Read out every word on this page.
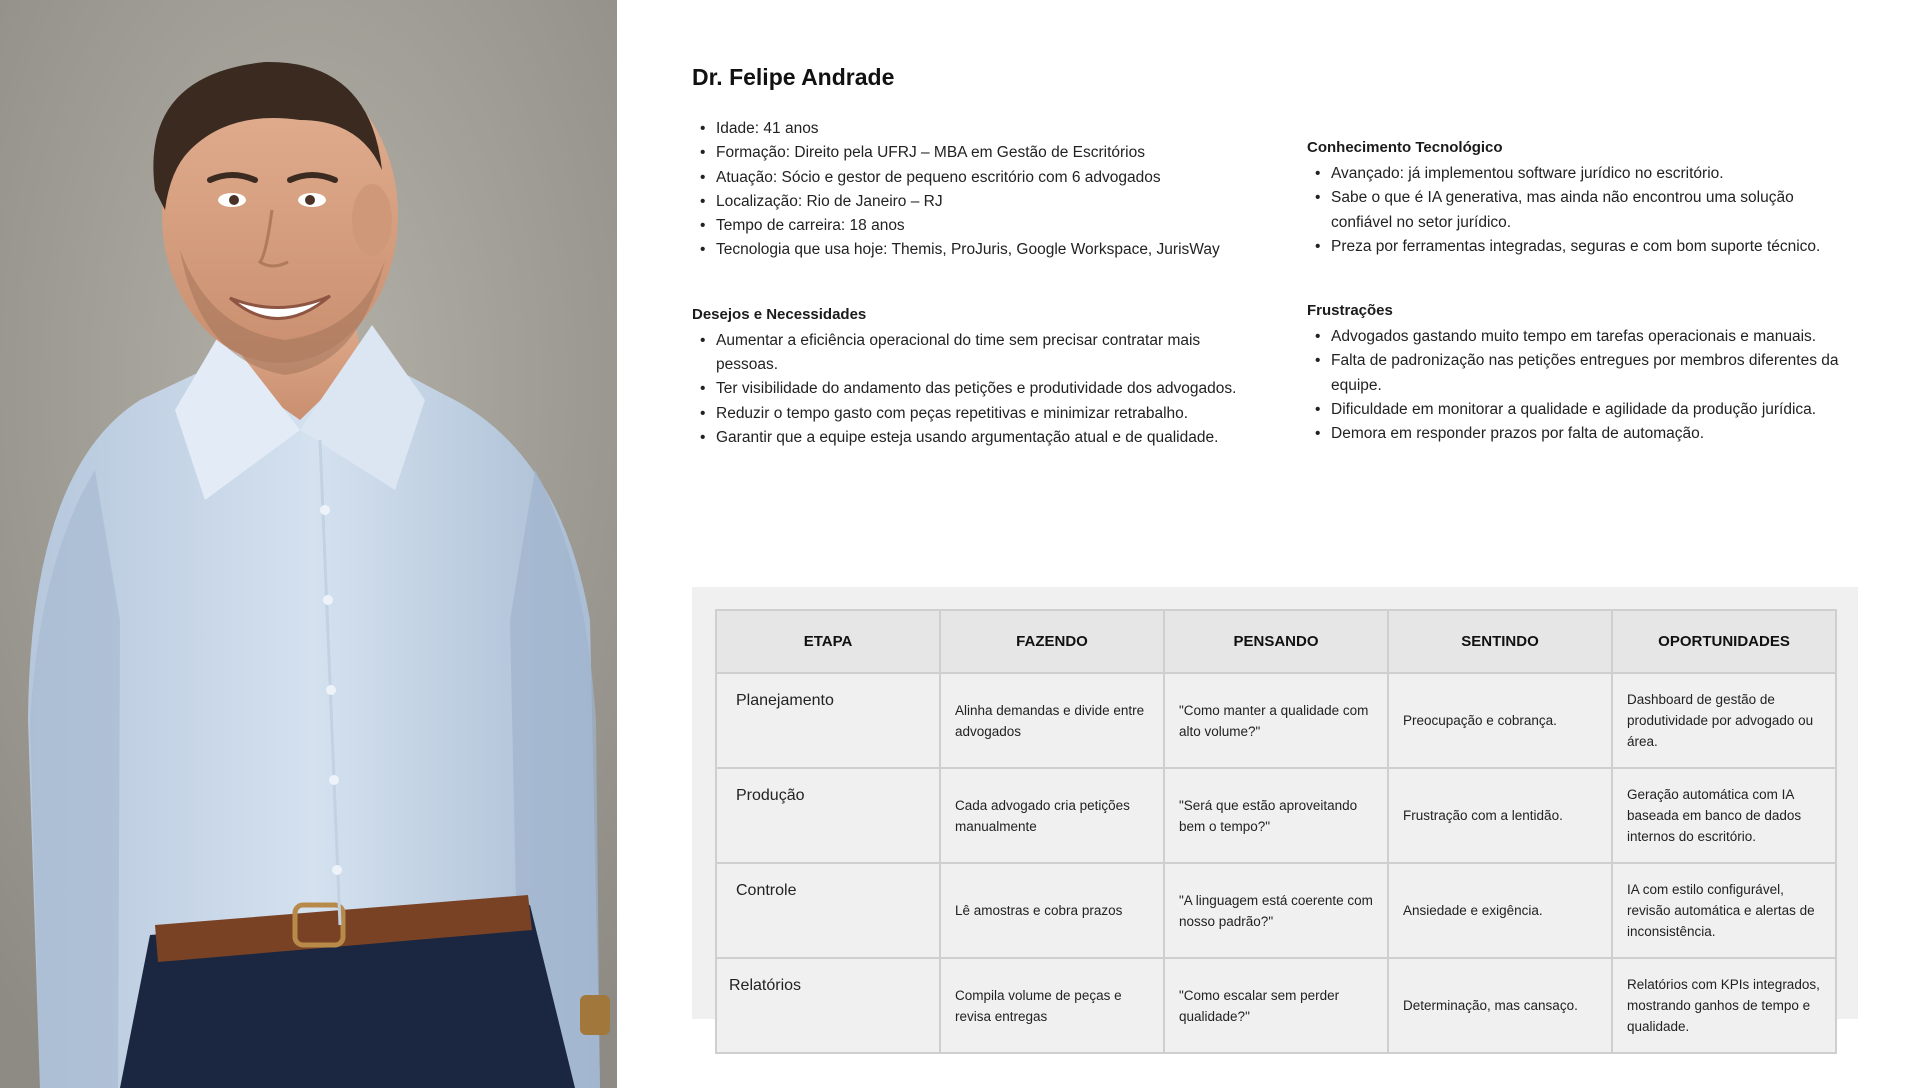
Dr. Felipe Andrade
• Idade: 41 anos
• Formação: Direito pela UFRJ – MBA em Gestão de Escritórios
• Atuação: Sócio e gestor de pequeno escritório com 6 advogados
• Localização: Rio de Janeiro – RJ
• Tempo de carreira: 18 anos
• Tecnologia que usa hoje: Themis, ProJuris, Google Workspace, JurisWay
Desejos e Necessidades
• Aumentar a eficiência operacional do time sem precisar contratar mais pessoas.
• Ter visibilidade do andamento das petições e produtividade dos advogados.
• Reduzir o tempo gasto com peças repetitivas e minimizar retrabalho.
• Garantir que a equipe esteja usando argumentação atual e de qualidade.
Conhecimento Tecnológico
• Avançado: já implementou software jurídico no escritório.
• Sabe o que é IA generativa, mas ainda não encontrou uma solução confiável no setor jurídico.
• Preza por ferramentas integradas, seguras e com bom suporte técnico.
Frustrações
• Advogados gastando muito tempo em tarefas operacionais e manuais.
• Falta de padronização nas petições entregues por membros diferentes da equipe.
• Dificuldade em monitorar a qualidade e agilidade da produção jurídica.
• Demora em responder prazos por falta de automação.
ETAPA	FAZENDO	PENSANDO	SENTINDO	OPORTUNIDADES
Planejamento	Alinha demandas e divide entre advogados	"Como manter a qualidade com alto volume?"	Preocupação e cobrança.	Dashboard de gestão de produtividade por advogado ou área.
Produção	Cada advogado cria petições manualmente	"Será que estão aproveitando bem o tempo?"	Frustração com a lentidão.	Geração automática com IA baseada em banco de dados internos do escritório.
Controle	Lê amostras e cobra prazos	"A linguagem está coerente com nosso padrão?"	Ansiedade e exigência.	IA com estilo configurável, revisão automática e alertas de inconsistência.
Relatórios	Compila volume de peças e revisa entregas	"Como escalar sem perder qualidade?"	Determinação, mas cansaço.	Relatórios com KPIs integrados, mostrando ganhos de tempo e qualidade.
